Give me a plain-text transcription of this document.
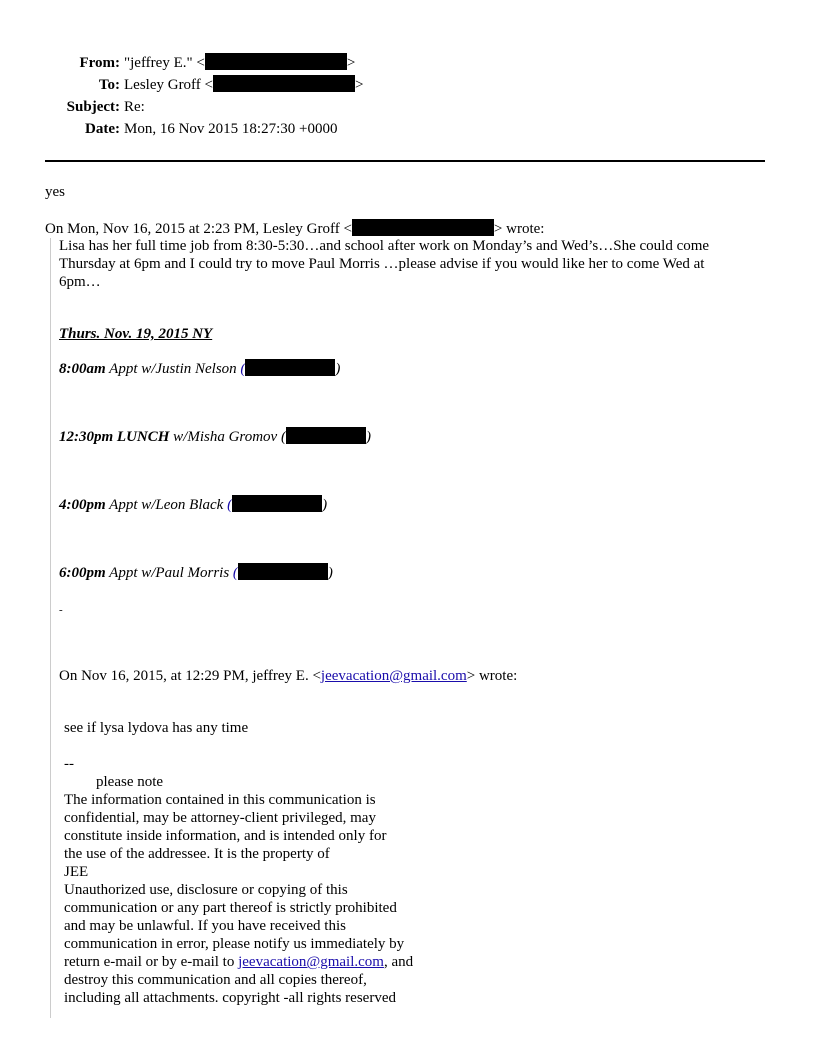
From: "jeffrey E." <	>
To: Lesley Groff <	>
Subject: Re:
Date: Mon, 16 Nov 2015 18:27:30 +0000
yes
On Mon, Nov 16, 2015 at 2:23 PM, Lesley Groff <	> wrote:
Lisa has her full time job from 8:30-5:30…and school after work on Monday’s and Wed’s…She could come
Thursday at 6pm and I could try to move Paul Morris …please advise if you would like her to come Wed at
6pm…
Thurs. Nov. 19, 2015 NY
8:00am Appt w/Justin Nelson (	)
12:30pm LUNCH w/Misha Gromov (	)
4:00pm Appt w/Leon Black (	)
6:00pm Appt w/Paul Morris (	)
-
On Nov 16, 2015, at 12:29 PM, jeffrey E. <jeevacation@gmail.com> wrote:
see if lysa lydova has any time
--
please note
The information contained in this communication is
confidential, may be attorney-client privileged, may
constitute inside information, and is intended only for
the use of the addressee. It is the property of
JEE
Unauthorized use, disclosure or copying of this
communication or any part thereof is strictly prohibited
and may be unlawful. If you have received this
communication in error, please notify us immediately by
return e-mail or by e-mail to jeevacation@gmail.com, and
destroy this communication and all copies thereof,
including all attachments. copyright -all rights reserved
